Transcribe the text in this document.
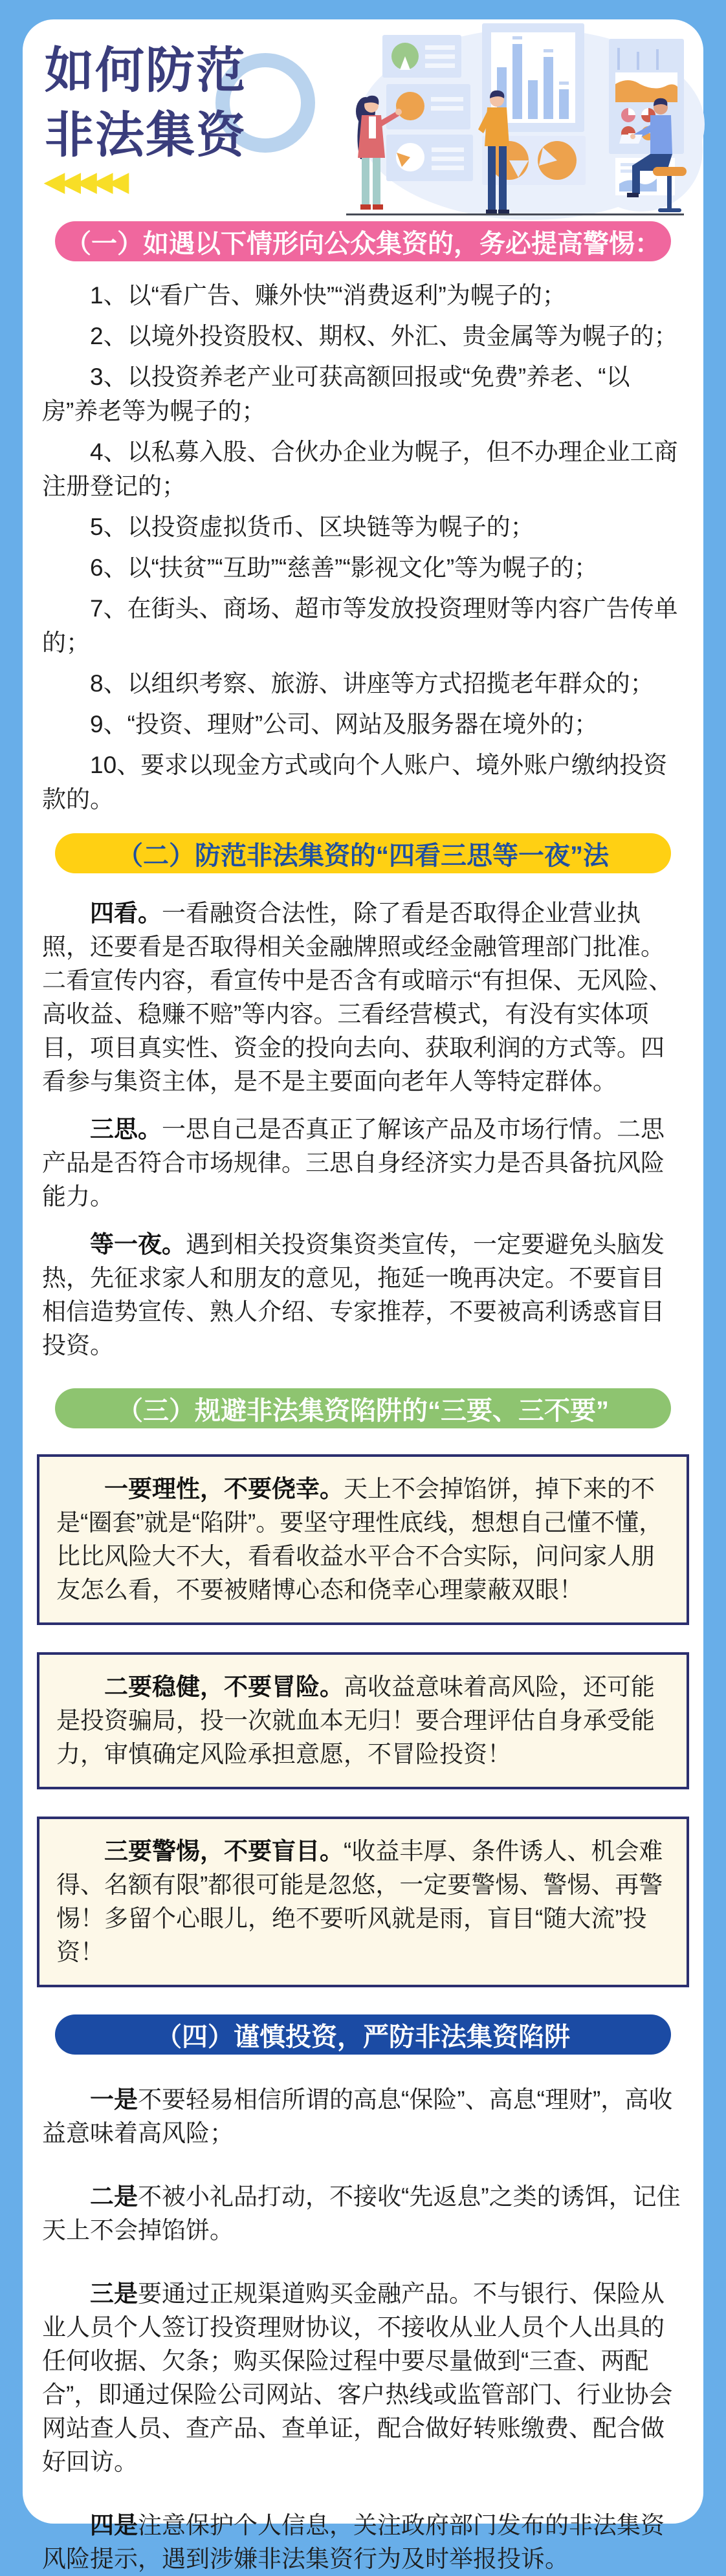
如何防范
非法集资
◀◀◀◀◀
（一）如遇以下情形向公众集资的，务必提高警惕：

1、以“看广告、赚外快”“消费返利”为幌子的；

2、以境外投资股权、期权、外汇、贵金属等为幌子的；

3、以投资养老产业可获高额回报或“免费”养老、“以房”养老等为幌子的；

4、以私募入股、合伙办企业为幌子，但不办理企业工商注册登记的；

5、以投资虚拟货币、区块链等为幌子的；

6、以“扶贫”“互助”“慈善”“影视文化”等为幌子的；

7、在街头、商场、超市等发放投资理财等内容广告传单的；

8、以组织考察、旅游、讲座等方式招揽老年群众的；

9、“投资、理财”公司、网站及服务器在境外的；

10、要求以现金方式或向个人账户、境外账户缴纳投资款的。

（二）防范非法集资的“四看三思等一夜”法

四看。一看融资合法性，除了看是否取得企业营业执照，还要看是否取得相关金融牌照或经金融管理部门批准。二看宣传内容，看宣传中是否含有或暗示“有担保、无风险、高收益、稳赚不赔”等内容。三看经营模式，有没有实体项目，项目真实性、资金的投向去向、获取利润的方式等。四看参与集资主体，是不是主要面向老年人等特定群体。

三思。一思自己是否真正了解该产品及市场行情。二思产品是否符合市场规律。三思自身经济实力是否具备抗风险能力。

等一夜。遇到相关投资集资类宣传，一定要避免头脑发热，先征求家人和朋友的意见，拖延一晚再决定。不要盲目相信造势宣传、熟人介绍、专家推荐，不要被高利诱惑盲目投资。

（三）规避非法集资陷阱的“三要、三不要”

一要理性，不要侥幸。天上不会掉馅饼，掉下来的不是“圈套”就是“陷阱”。要坚守理性底线，想想自己懂不懂，比比风险大不大，看看收益水平合不合实际，问问家人朋友怎么看，不要被赌博心态和侥幸心理蒙蔽双眼！

二要稳健，不要冒险。高收益意味着高风险，还可能是投资骗局，投一次就血本无归！要合理评估自身承受能力，审慎确定风险承担意愿，不冒险投资！

三要警惕，不要盲目。“收益丰厚、条件诱人、机会难得、名额有限”都很可能是忽悠，一定要警惕、警惕、再警惕！多留个心眼儿，绝不要听风就是雨，盲目“随大流”投资！

（四）谨慎投资，严防非法集资陷阱

一是不要轻易相信所谓的高息“保险”、高息“理财”，高收益意味着高风险；

二是不被小礼品打动，不接收“先返息”之类的诱饵，记住天上不会掉馅饼。

三是要通过正规渠道购买金融产品。不与银行、保险从业人员个人签订投资理财协议，不接收从业人员个人出具的任何收据、欠条；购买保险过程中要尽量做到“三查、两配合”，即通过保险公司网站、客户热线或监管部门、行业协会网站查人员、查产品、查单证，配合做好转账缴费、配合做好回访。

四是注意保护个人信息，关注政府部门发布的非法集资风险提示，遇到涉嫌非法集资行为及时举报投诉。
